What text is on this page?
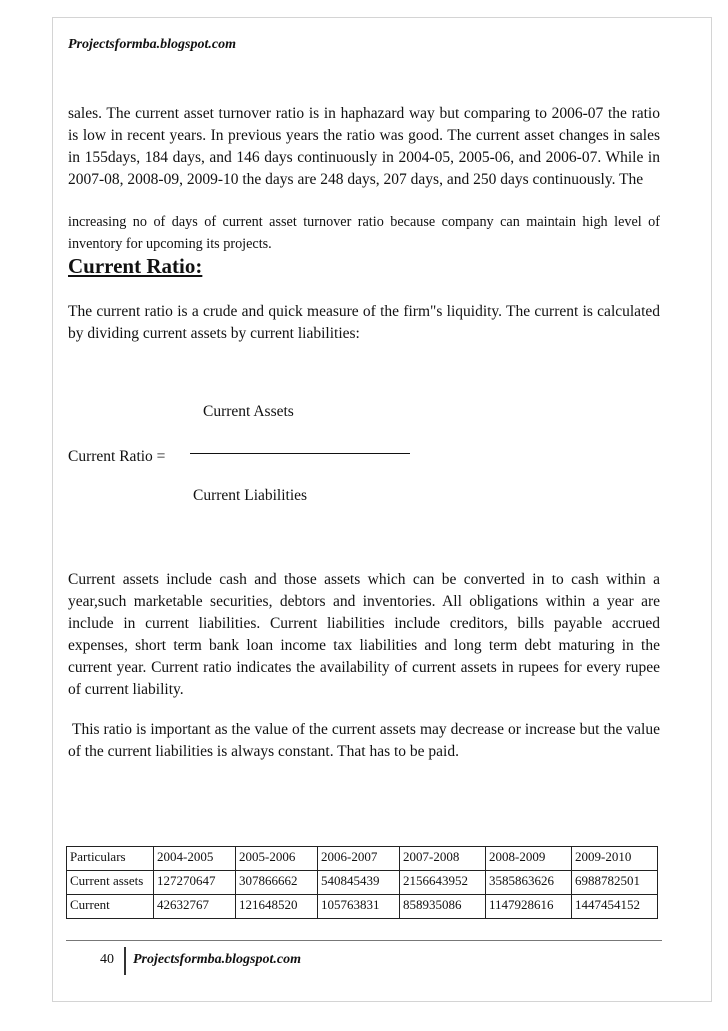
Projectsformba.blogspot.com

sales. The current asset turnover ratio is in haphazard way but comparing to 2006-07 the ratio is low in recent years. In previous years the ratio was good. The current asset changes in sales in 155days, 184 days, and 146 days continuously in 2004-05, 2005-06, and 2006-07. While in 2007-08, 2008-09, 2009-10 the days are 248 days, 207 days, and 250 days continuously. The

increasing no of days of current asset turnover ratio because company can maintain high level of inventory for upcoming its projects.

Current Ratio:

The current ratio is a crude and quick measure of the firm"s liquidity. The current is calculated by dividing current assets by current liabilities:

Current Assets
Current Ratio =
Current Liabilities

Current assets include cash and those assets which can be converted in to cash within a year,such marketable securities, debtors and inventories. All obligations within a year are include in current liabilities. Current liabilities include creditors, bills payable accrued expenses, short term bank loan income tax liabilities and long term debt maturing in the current year. Current ratio indicates the availability of current assets in rupees for every rupee of current liability.

This ratio is important as the value of the current assets may decrease or increase but the value of the current liabilities is always constant. That has to be paid.

Particulars	2004-2005	2005-2006	2006-2007	2007-2008	2008-2009	2009-2010
Current assets	127270647	307866662	540845439	2156643952	3585863626	6988782501
Current	42632767	121648520	105763831	858935086	1147928616	1447454152
40 Projectsformba.blogspot.com
